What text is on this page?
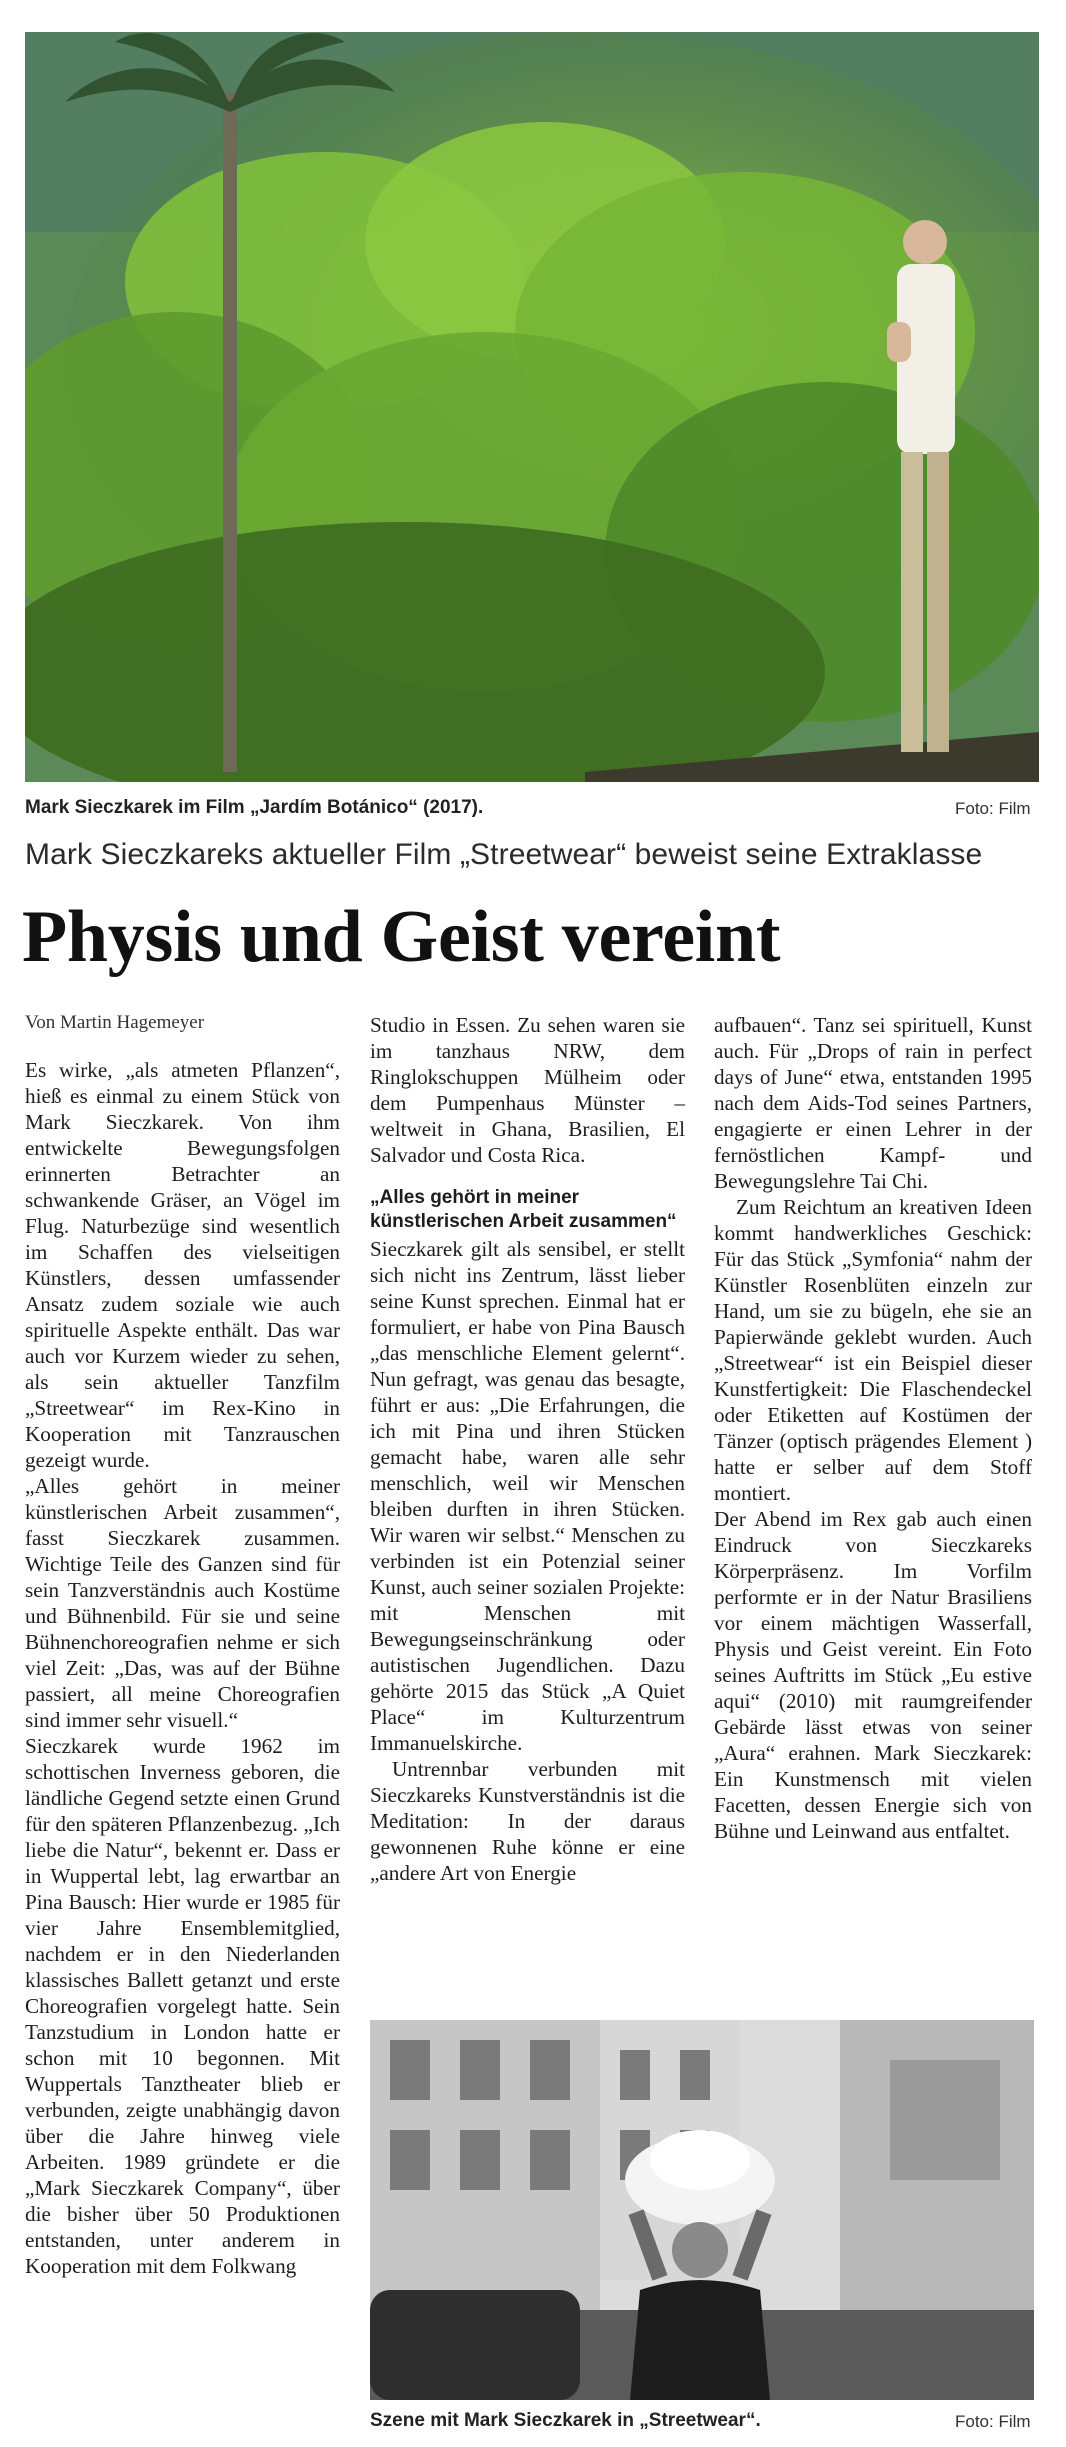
Mark Sieczkarek im Film „Jardím Botánico“ (2017).	Foto: Film
Mark Sieczkareks aktueller Film „Streetwear“ beweist seine Extraklasse
Physis und Geist vereint
Von Martin Hagemeyer

Es wirke, „als atmeten Pflanzen“, hieß es einmal zu einem Stück von Mark Sieczkarek. Von ihm entwickelte Bewegungsfolgen erinnerten Betrachter an schwankende Gräser, an Vögel im Flug. Naturbezüge sind wesentlich im Schaffen des vielseitigen Künstlers, dessen umfassender Ansatz zudem soziale wie auch spirituelle Aspekte enthält. Das war auch vor Kurzem wieder zu sehen, als sein aktueller Tanzfilm „Streetwear“ im Rex-Kino in Kooperation mit Tanzrauschen gezeigt wurde.

„Alles gehört in meiner künstlerischen Arbeit zusammen“, fasst Sieczkarek zusammen. Wichtige Teile des Ganzen sind für sein Tanzverständnis auch Kostüme und Bühnenbild. Für sie und seine Bühnenchoreografien nehme er sich viel Zeit: „Das, was auf der Bühne passiert, all meine Choreografien sind immer sehr visuell.“

Sieczkarek wurde 1962 im schottischen Inverness geboren, die ländliche Gegend setzte einen Grund für den späteren Pflanzenbezug. „Ich liebe die Natur“, bekennt er. Dass er in Wuppertal lebt, lag erwartbar an Pina Bausch: Hier wurde er 1985 für vier Jahre Ensemblemitglied, nachdem er in den Niederlanden klassisches Ballett getanzt und erste Choreografien vorgelegt hatte. Sein Tanzstudium in London hatte er schon mit 10 begonnen. Mit Wuppertals Tanztheater blieb er verbunden, zeigte unabhängig davon über die Jahre hinweg viele Arbeiten. 1989 gründete er die „Mark Sieczkarek Company“, über die bisher über 50 Produktionen entstanden, unter anderem in Kooperation mit dem Folkwang

Studio in Essen. Zu sehen waren sie im tanzhaus NRW, dem Ringlokschuppen Mülheim oder dem Pumpenhaus Münster – weltweit in Ghana, Brasilien, El Salvador und Costa Rica.

„Alles gehört in meiner künstlerischen Arbeit zusammen“

Sieczkarek gilt als sensibel, er stellt sich nicht ins Zentrum, lässt lieber seine Kunst sprechen. Einmal hat er formuliert, er habe von Pina Bausch „das menschliche Element gelernt“. Nun gefragt, was genau das besagte, führt er aus: „Die Erfahrungen, die ich mit Pina und ihren Stücken gemacht habe, waren alle sehr menschlich, weil wir Menschen bleiben durften in ihren Stücken. Wir waren wir selbst.“ Menschen zu verbinden ist ein Potenzial seiner Kunst, auch seiner sozialen Projekte: mit Menschen mit Bewegungseinschränkung oder autistischen Jugendlichen. Dazu gehörte 2015 das Stück „A Quiet Place“ im Kulturzentrum Immanuelskirche.

Untrennbar verbunden mit Sieczkareks Kunstverständnis ist die Meditation: In der daraus gewonnenen Ruhe könne er eine „andere Art von Energie

aufbauen“. Tanz sei spirituell, Kunst auch. Für „Drops of rain in perfect days of June“ etwa, entstanden 1995 nach dem Aids-Tod seines Partners, engagierte er einen Lehrer in der fernöstlichen Kampf- und Bewegungslehre Tai Chi.

Zum Reichtum an kreativen Ideen kommt handwerkliches Geschick: Für das Stück „Symfonia“ nahm der Künstler Rosenblüten einzeln zur Hand, um sie zu bügeln, ehe sie an Papierwände geklebt wurden. Auch „Streetwear“ ist ein Beispiel dieser Kunstfertigkeit: Die Flaschendeckel oder Etiketten auf Kostümen der Tänzer (optisch prägendes Element ) hatte er selber auf dem Stoff montiert.

Der Abend im Rex gab auch einen Eindruck von Sieczkareks Körperpräsenz. Im Vorfilm performte er in der Natur Brasiliens vor einem mächtigen Wasserfall, Physis und Geist vereint. Ein Foto seines Auftritts im Stück „Eu estive aqui“ (2010) mit raumgreifender Gebärde lässt etwas von seiner „Aura“ erahnen. Mark Sieczkarek: Ein Kunstmensch mit vielen Facetten, dessen Energie sich von Bühne und Leinwand aus entfaltet.

Szene mit Mark Sieczkarek in „Streetwear“.	Foto: Film
